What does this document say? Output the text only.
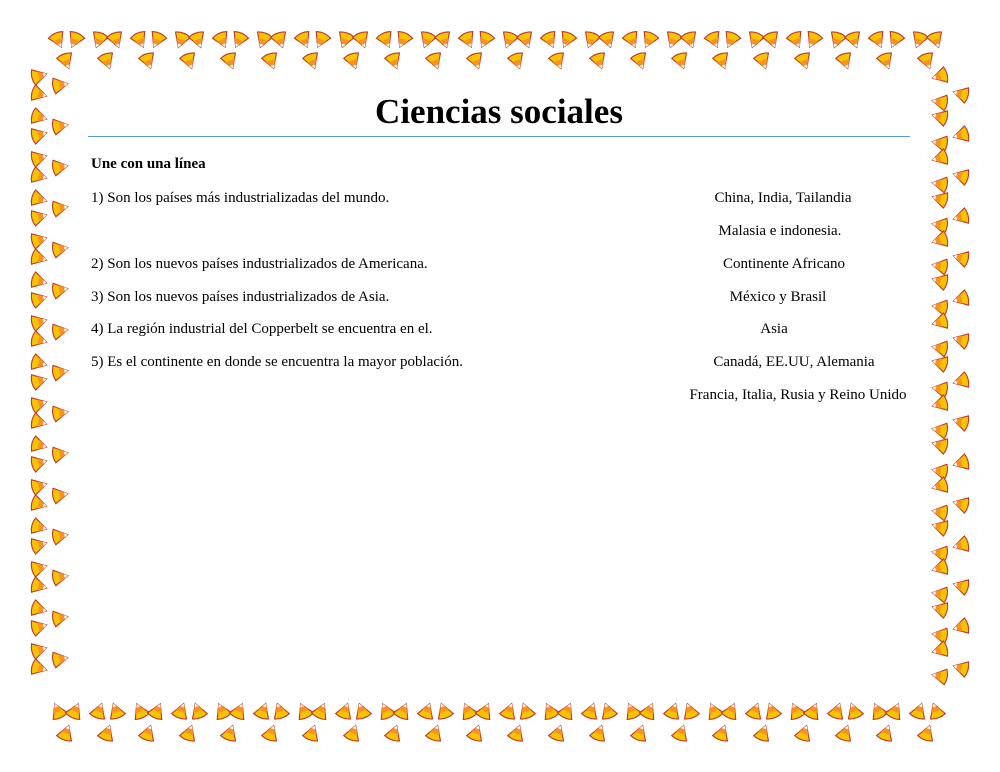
Ciencias sociales
Une con una línea
1) Son los países más industrializadas del mundo.
2) Son los nuevos países industrializados de Americana.
3) Son los nuevos países industrializados de Asia.
4) La región industrial del Copperbelt se encuentra en el.
5) Es el continente en donde se encuentra la mayor población.
China, India, Tailandia
Malasia e indonesia.
Continente Africano
México y Brasil
Asia
Canadá, EE.UU, Alemania
Francia, Italia, Rusia y Reino Unido
